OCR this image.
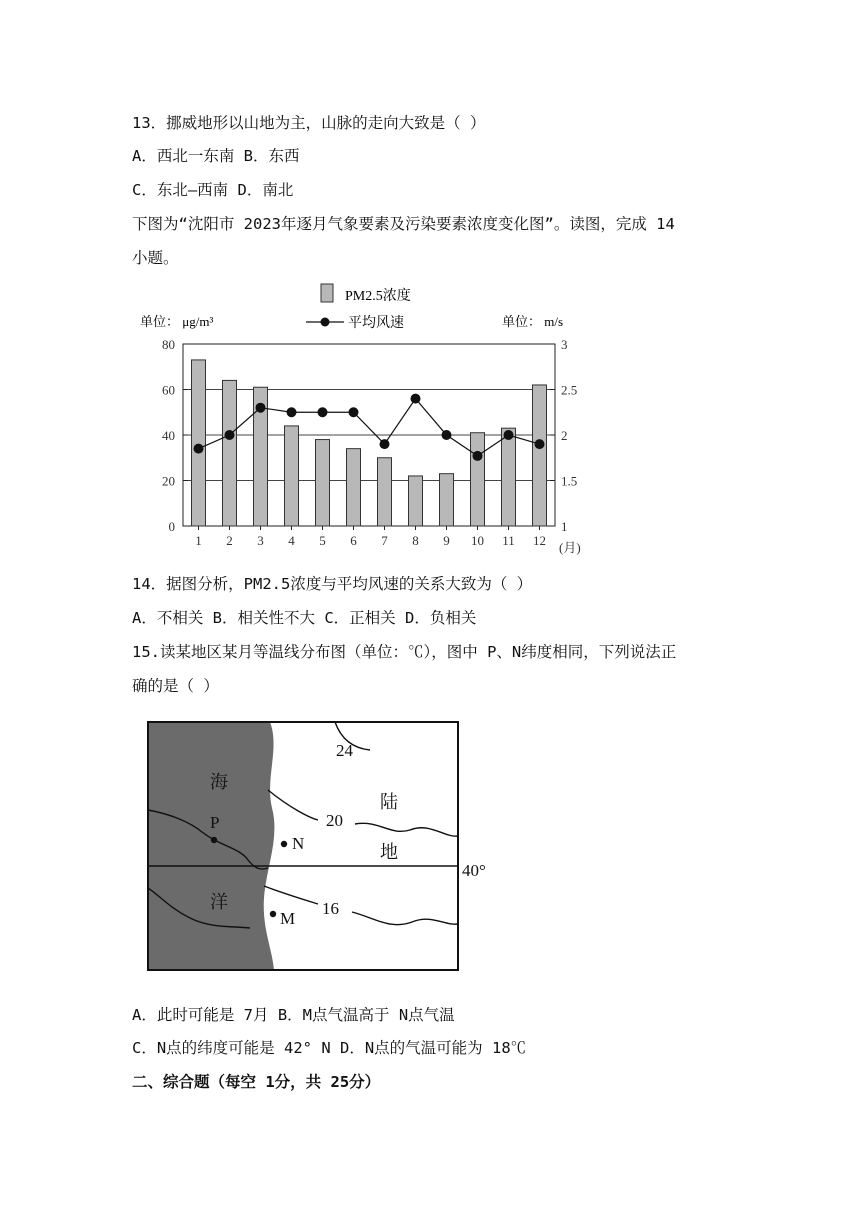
13．挪威地形以山地为主，山脉的走向大致是（ ）
A．西北一东南 B．东西
C．东北—西南 D．南北
下图为“沈阳市 2023年逐月气象要素及污染要素浓度变化图”。读图，完成 14
小题。
PM2.5浓度
平均风速
单位： μg/m³	单位： m/s
0
20
40
60
80
1
1.5
2
2.5
3
1 2 3 4 5 6 7 8 9 10 11 12 (月)
14．据图分析，PM2.5浓度与平均风速的关系大致为（ ）
A．不相关 B．相关性不大 C．正相关 D．负相关
15.读某地区某月等温线分布图（单位：℃），图中 P、N纬度相同，下列说法正
确的是（ ）
海
洋
陆
地
24
20
16
40°
P
N
M
A．此时可能是 7月 B．M点气温高于 N点气温
C．N点的纬度可能是 42° N D．N点的气温可能为 18℃
二、综合题（每空 1分，共 25分）
